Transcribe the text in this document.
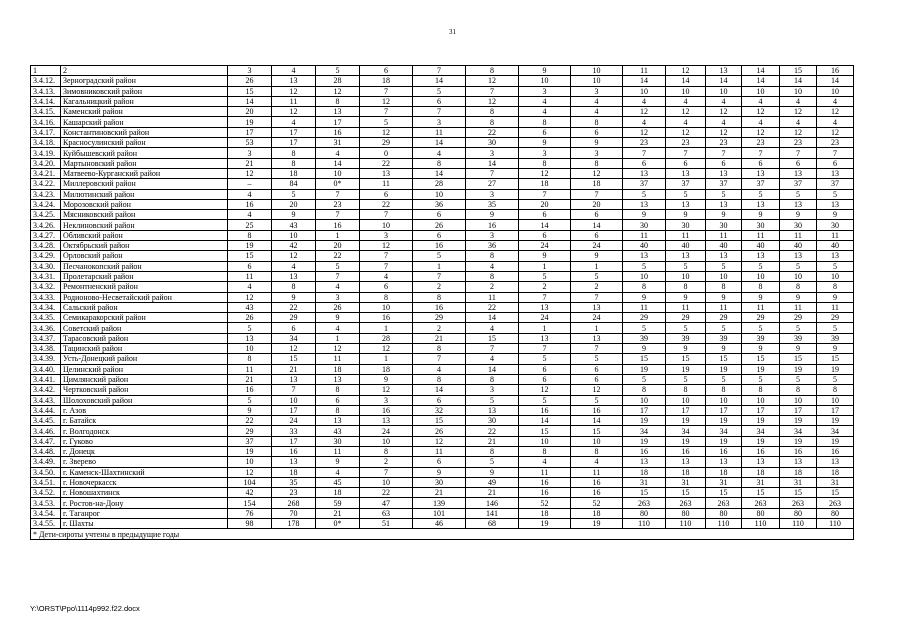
31
1	2	3	4	5	6	7	8	9	10	11	12	13	14	15	16
3.4.12.	Зерноградский район	26	13	28	18	14	12	10	10	14	14	14	14	14	14
3.4.13.	Зимовниковский район	15	12	12	7	5	7	3	3	10	10	10	10	10	10
3.4.14.	Кагальницкий район	14	11	8	12	6	12	4	4	4	4	4	4	4	4
3.4.15.	Каменский район	20	12	13	7	7	8	4	4	12	12	12	12	12	12
3.4.16.	Кашарский район	19	4	17	5	3	8	8	8	4	4	4	4	4	4
3.4.17.	Константиновский район	17	17	16	12	11	22	6	6	12	12	12	12	12	12
3.4.18.	Красносулинский район	53	17	31	29	14	30	9	9	23	23	23	23	23	23
3.4.19.	Куйбышевский район	3	8	4	0	4	3	3	3	7	7	7	7	7	7
3.4.20.	Мартыновский район	21	8	14	22	8	14	8	8	6	6	6	6	6	6
3.4.21.	Матвеево-Курганский район	12	18	10	13	14	7	12	12	13	13	13	13	13	13
3.4.22.	Миллеровский район	–	84	0*	11	28	27	18	18	37	37	37	37	37	37
3.4.23.	Милютинский район	4	5	7	6	10	3	7	7	5	5	5	5	5	5
3.4.24.	Морозовский район	16	20	23	22	36	35	20	20	13	13	13	13	13	13
3.4.25.	Мясниковский район	4	9	7	7	6	9	6	6	9	9	9	9	9	9
3.4.26.	Неклиновский район	25	43	16	10	26	16	14	14	30	30	30	30	30	30
3.4.27.	Обливский район	8	10	1	3	6	3	6	6	11	11	11	11	11	11
3.4.28.	Октябрьский район	19	42	20	12	16	36	24	24	40	40	40	40	40	40
3.4.29.	Орловский район	15	12	22	7	5	8	9	9	13	13	13	13	13	13
3.4.30.	Песчанокопский район	6	4	5	7	1	4	1	1	5	5	5	5	5	5
3.4.31.	Пролетарский район	11	13	7	4	7	8	5	5	10	10	10	10	10	10
3.4.32.	Ремонтненский район	4	8	4	6	2	2	2	2	8	8	8	8	8	8
3.4.33.	Родионово-Несветайский район	12	9	3	8	8	11	7	7	9	9	9	9	9	9
3.4.34.	Сальский район	43	22	26	10	16	22	13	13	11	11	11	11	11	11
3.4.35.	Семикаракорский район	26	29	9	16	29	14	24	24	29	29	29	29	29	29
3.4.36.	Советский район	5	6	4	1	2	4	1	1	5	5	5	5	5	5
3.4.37.	Тарасовский район	13	34	1	28	21	15	13	13	39	39	39	39	39	39
3.4.38.	Тацинский район	10	12	12	12	8	7	7	7	9	9	9	9	9	9
3.4.39.	Усть-Донецкий район	8	15	11	1	7	4	5	5	15	15	15	15	15	15
3.4.40.	Целинский район	11	21	18	18	4	14	6	6	19	19	19	19	19	19
3.4.41.	Цимлянский район	21	13	13	9	8	8	6	6	5	5	5	5	5	5
3.4.42.	Чертковский район	16	7	8	12	14	3	12	12	8	8	8	8	8	8
3.4.43.	Шолоховский район	5	10	6	3	6	5	5	5	10	10	10	10	10	10
3.4.44.	г. Азов	9	17	8	16	32	13	16	16	17	17	17	17	17	17
3.4.45.	г. Батайск	22	24	13	13	15	30	14	14	19	19	19	19	19	19
3.4.46.	г. Волгодонск	29	33	43	24	26	22	15	15	34	34	34	34	34	34
3.4.47.	г. Гуково	37	17	30	10	12	21	10	10	19	19	19	19	19	19
3.4.48.	г. Донецк	19	16	11	8	11	8	8	8	16	16	16	16	16	16
3.4.49.	г. Зверево	10	13	9	2	6	5	4	4	13	13	13	13	13	13
3.4.50.	г. Каменск-Шахтинский	12	18	4	7	9	9	11	11	18	18	18	18	18	18
3.4.51.	г. Новочеркасск	104	35	45	10	30	49	16	16	31	31	31	31	31	31
3.4.52.	г. Новошахтинск	42	23	18	22	21	21	16	16	15	15	15	15	15	15
3.4.53.	г. Ростов-на-Дону	154	268	59	47	139	146	52	52	263	263	263	263	263	263
3.4.54.	г. Таганрог	76	70	21	63	101	141	18	18	80	80	80	80	80	80
3.4.55.	г. Шахты	98	178	0*	51	46	68	19	19	110	110	110	110	110	110
* Дети-сироты учтены в предыдущие годы															
Y:\ORST\Ppo\1114p992.f22.docx
